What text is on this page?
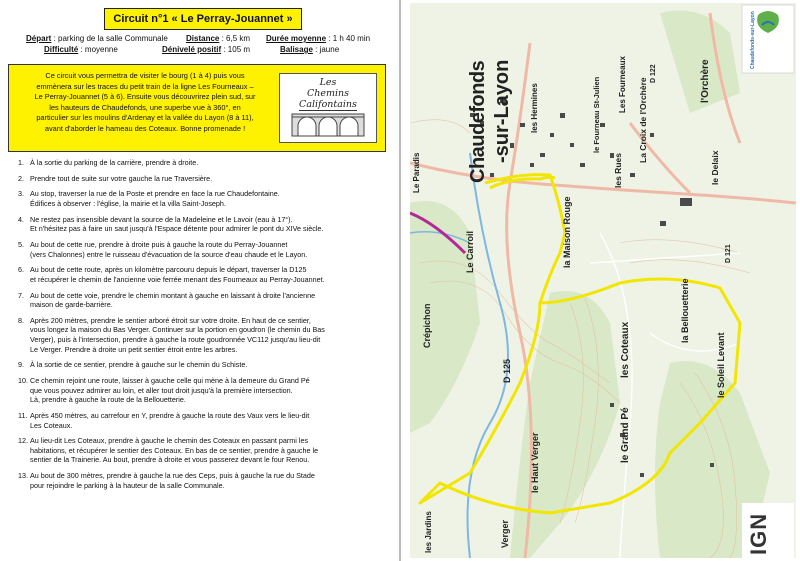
Circuit n°1 « Le Perray-Jouannet »
Départ : parking de la salle Communale Distance : 6,5 km Durée moyenne : 1 h 40 min
Difficulté : moyenne	Dénivelé positif : 105 m	Balisage : jaune
Ce circuit vous permettra de visiter le bourg (1 à 4) puis vous
emmènera sur les traces du petit train de la ligne Les Fourneaux –
Le Perray-Jouannet (5 à 6). Ensuite vous découvrirez plein sud, sur
les hauteurs de Chaudefonds, une superbe vue à 360°, en
particulier sur les moulins d'Ardenay et la vallée du Layon (8 à 11),
avant d'aborder le hameau des Coteaux. Bonne promenade !
Les
Chemins
Califontains
1. À la sortie du parking de la carrière, prendre à droite.
2. Prendre tout de suite sur votre gauche la rue Traversière.
3. Au stop, traverser la rue de la Poste et prendre en face la rue Chaudefontaine.
Édifices à observer : l'église, la mairie et la villa Saint-Joseph.
4. Ne restez pas insensible devant la source de la Madeleine et le Lavoir (eau à 17°).
Et n'hésitez pas à faire un saut jusqu'à l'Espace détente pour admirer le pont du XIVe siècle.
5. Au bout de cette rue, prendre à droite puis à gauche la route du Perray-Jouannet
(vers Chalonnes) entre le ruisseau d'évacuation de la source d'eau chaude et le Layon.
6. Au bout de cette route, après un kilomètre parcouru depuis le départ, traverser la D125
et récupérer le chemin de l'ancienne voie ferrée menant des Fourneaux au Perray-Jouannet.
7. Au bout de cette voie, prendre le chemin montant à gauche en laissant à droite l'ancienne
maison de garde-barrière.
8. Après 200 mètres, prendre le sentier arboré étroit sur votre droite. En haut de ce sentier,
vous longez la maison du Bas Verger. Continuer sur la portion en goudron (le chemin du Bas
Verger), puis à l'intersection, prendre à gauche la route goudronnée VC112 jusqu'au lieu-dit
Le Verger. Prendre à droite un petit sentier étroit entre les arbres.
9. À la sortie de ce sentier, prendre à gauche sur le chemin du Schiste.
10. Ce chemin rejoint une route, laisser à gauche celle qui mène à la demeure du Grand Pé
que vous pouvez admirer au loin, et aller tout droit jusqu'à la première intersection.
Là, prendre à gauche la route de la Bellouetterie.
11. Après 450 mètres, au carrefour en Y, prendre à gauche la route des Vaux vers le lieu-dit
Les Coteaux.
12. Au lieu-dit Les Coteaux, prendre à gauche le chemin des Coteaux en passant parmi les
habitations, et récupérer le sentier des Coteaux. En bas de ce sentier, prendre à gauche le
sentier de la Trainerie. Au bout, prendre à droite et vous passerez devant le four Renou.
13. Au bout de 300 mètres, prendre à gauche la rue des Ceps, puis à gauche la rue du Stade
pour rejoindre le parking à la hauteur de la salle Communale.
Chaudefonds -sur-Layon
Le Paradis
Les Fourneaux
le Fourneau St-Julien	l'Orchère
La Croix de l'Orchère
les Rues	le Delaix
Le Carroil	la Maison Rouge
Crépichon
D 125	les Coteaux
la Bellouetterie
le Soleil Levant
le Grand Pé
le Haut Verger
Verger
les Jardins
les Hermines
D 121
D 122
Chaudefonds-sur-Layon
IGN
